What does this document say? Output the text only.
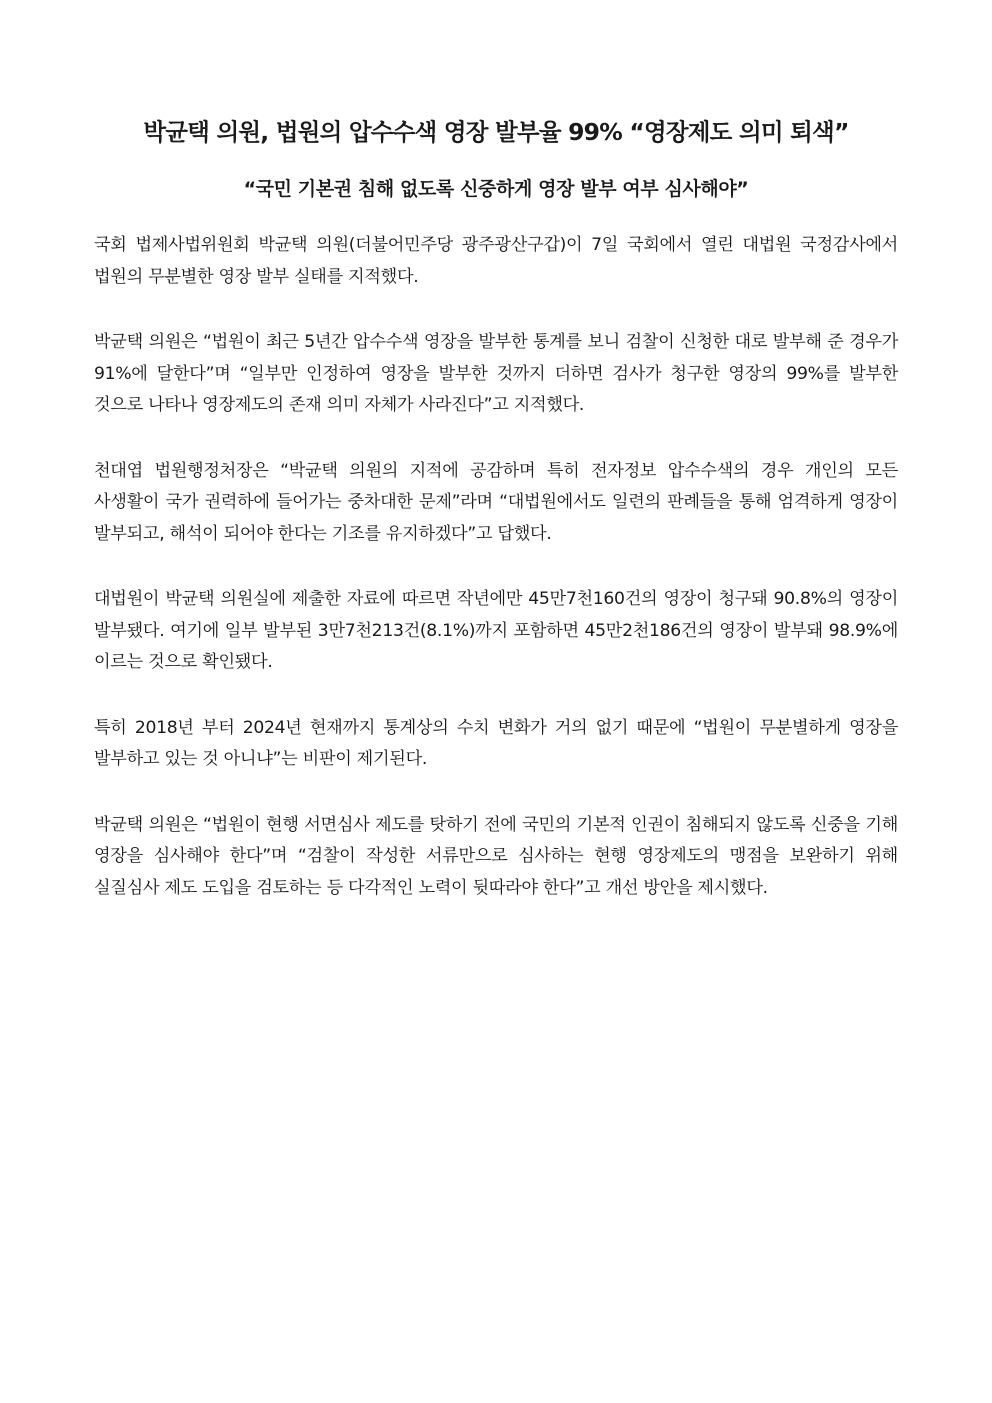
박균택 의원, 법원의 압수수색 영장 발부율 99% “영장제도 의미 퇴색”
“국민 기본권 침해 없도록 신중하게 영장 발부 여부 심사해야”

국회 법제사법위원회 박균택 의원(더불어민주당 광주광산구갑)이 7일 국회에서 열린 대법원 국정감사에서 법원의 무분별한 영장 발부 실태를 지적했다.

박균택 의원은 “법원이 최근 5년간 압수수색 영장을 발부한 통계를 보니 검찰이 신청한 대로 발부해 준 경우가 91%에 달한다”며 “일부만 인정하여 영장을 발부한 것까지 더하면 검사가 청구한 영장의 99%를 발부한 것으로 나타나 영장제도의 존재 의미 자체가 사라진다”고 지적했다.

천대엽 법원행정처장은 “박균택 의원의 지적에 공감하며 특히 전자정보 압수수색의 경우 개인의 모든 사생활이 국가 권력하에 들어가는 중차대한 문제”라며 “대법원에서도 일련의 판례들을 통해 엄격하게 영장이 발부되고, 해석이 되어야 한다는 기조를 유지하겠다”고 답했다.

대법원이 박균택 의원실에 제출한 자료에 따르면 작년에만 45만7천160건의 영장이 청구돼 90.8%의 영장이 발부됐다. 여기에 일부 발부된 3만7천213건(8.1%)까지 포함하면 45만2천186건의 영장이 발부돼 98.9%에 이르는 것으로 확인됐다.

특히 2018년 부터 2024년 현재까지 통계상의 수치 변화가 거의 없기 때문에 “법원이 무분별하게 영장을 발부하고 있는 것 아니냐”는 비판이 제기된다.

박균택 의원은 “법원이 현행 서면심사 제도를 탓하기 전에 국민의 기본적 인권이 침해되지 않도록 신중을 기해 영장을 심사해야 한다”며 “검찰이 작성한 서류만으로 심사하는 현행 영장제도의 맹점을 보완하기 위해 실질심사 제도 도입을 검토하는 등 다각적인 노력이 뒷따라야 한다”고 개선 방안을 제시했다.
